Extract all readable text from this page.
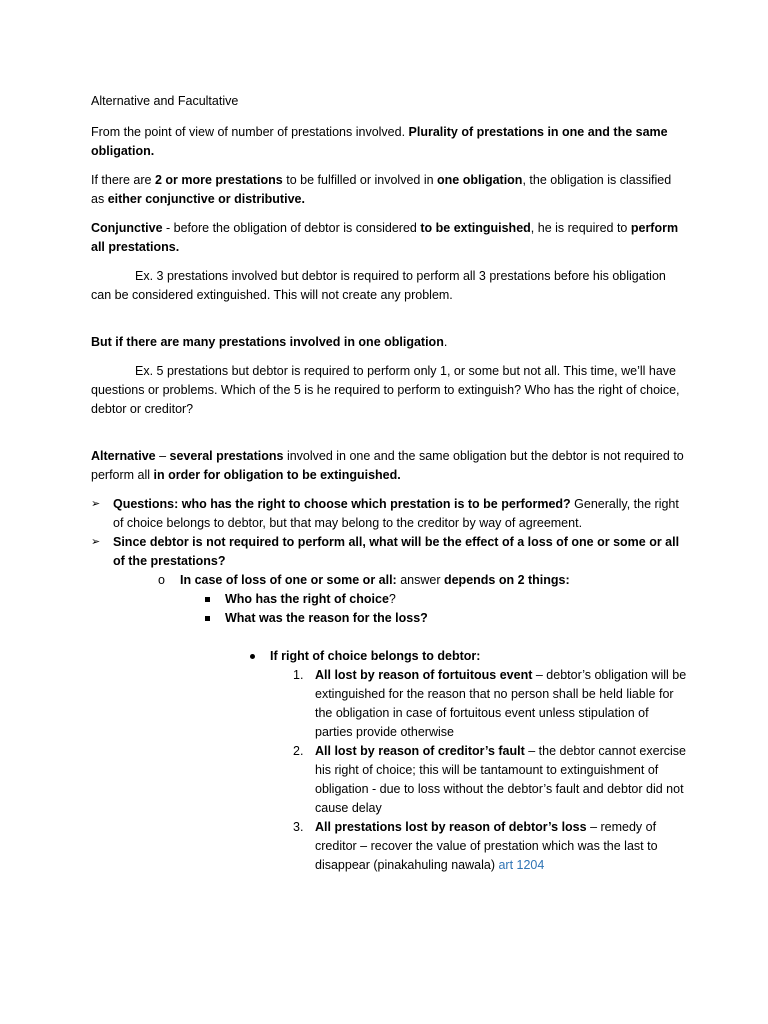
Alternative and Facultative

From the point of view of number of prestations involved. Plurality of prestations in one and the same obligation.

If there are 2 or more prestations to be fulfilled or involved in one obligation, the obligation is classified as either conjunctive or distributive.

Conjunctive - before the obligation of debtor is considered to be extinguished, he is required to perform all prestations.

Ex. 3 prestations involved but debtor is required to perform all 3 prestations before his obligation can be considered extinguished. This will not create any problem.

But if there are many prestations involved in one obligation.

Ex. 5 prestations but debtor is required to perform only 1, or some but not all. This time, we’ll have questions or problems. Which of the 5 is he required to perform to extinguish? Who has the right of choice, debtor or creditor?

Alternative – several prestations involved in one and the same obligation but the debtor is not required to perform all in order for obligation to be extinguished.

➢	Questions: who has the right to choose which prestation is to be performed? Generally, the right of choice belongs to debtor, but that may belong to the creditor by way of agreement.
➢	Since debtor is not required to perform all, what will be the effect of a loss of one or some or all of the prestations?
o In case of loss of one or some or all: answer depends on 2 things:
Who has the right of choice?
What was the reason for the loss?
If right of choice belongs to debtor:
1. All lost by reason of fortuitous event – debtor’s obligation will be extinguished for the reason that no person shall be held liable for the obligation in case of fortuitous event unless stipulation of parties provide otherwise
2. All lost by reason of creditor’s fault – the debtor cannot exercise his right of choice; this will be tantamount to extinguishment of obligation - due to loss without the debtor’s fault and debtor did not cause delay
3. All prestations lost by reason of debtor’s loss – remedy of creditor – recover the value of prestation which was the last to disappear (pinakahuling nawala) art 1204
